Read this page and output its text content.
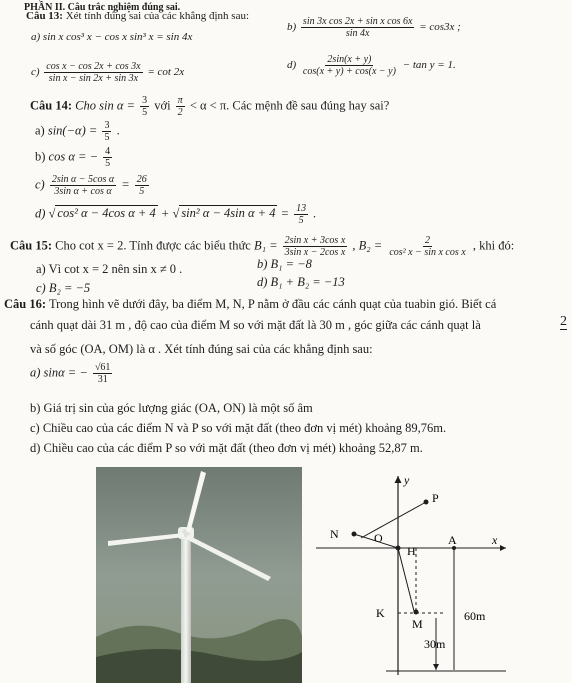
PHẦN II. Câu trắc nghiệm đúng sai.
Câu 13: Xét tính đúng sai của các khẳng định sau:
a) sin x cos³ x − cos x sin³ x = sin 4x
$b) \frac{\text{sin 3x cos 2x + sin x cos 6x}}{\sin 4x} = \cos 3x$ ;
$c) \frac{\text{cos x − cos 2x + cos 3x}}{\text{sin x − sin 2x + sin 3x}} = \cot 2x$
$d) \frac{2\sin(x + y)}{\cos(x + y) + \cos(x - y)} - \tan y = 1$.
Câu 14: Cho $\sin \alpha = \frac{3}{5}$ với $\frac{\pi}{2} < \alpha < \pi$. Các mệnh đề sau đúng hay sai?
a) $\sin(-\alpha) = \frac{3}{5}$ .
b) cos α = − $\frac{4}{5}$
$c) \frac{\text{2sin α − 5cos α}}{\text{3sin α + cos α}} = \frac{26}{5}$
d) √ cos² α − 4cos α + 4 + √ sin² α − 4sin $\alpha + 4 = \frac{13}{5}$ .
Câu 15: Cho cot x = 2. Tính được các biểu thức $B_1 = \frac{\text{2sin x + 3cos x}}{\text{3sin x − 2cos x}}$ , $B_2 = \frac{2}{\text{cos² x − sin x cos x}}$ , khi đó:
a) Vì cot x = 2 nên sin x ≠ 0 .	b) B₁ = −8
c) B₂ = −5	d) B₁ + B₂ = −13
Câu 16: Trong hình vẽ dưới đây, ba điểm M, N, P nằm ở đầu các cánh quạt của tuabin gió. Biết cá
cánh quạt dài 31 m , độ cao của điểm M so với mặt đất là 30 m , góc giữa các cánh quạt là	2
và số góc (OA, OM) là α . Xét tính đúng sai của các khẳng định sau:
a) sinα = − $\frac{√61}{31}$
b) Giá trị sin của góc lượng giác (OA, ON) là một số âm
c) Chiều cao của các điểm N và P so với mặt đất (theo đơn vị mét) khoảng 89,76m.
d) Chiều cao của các điểm P so với mặt đất (theo đơn vị mét) khoảng 52,87 m.
y
P
N	O
H
A	x
K
M
60m
30m
